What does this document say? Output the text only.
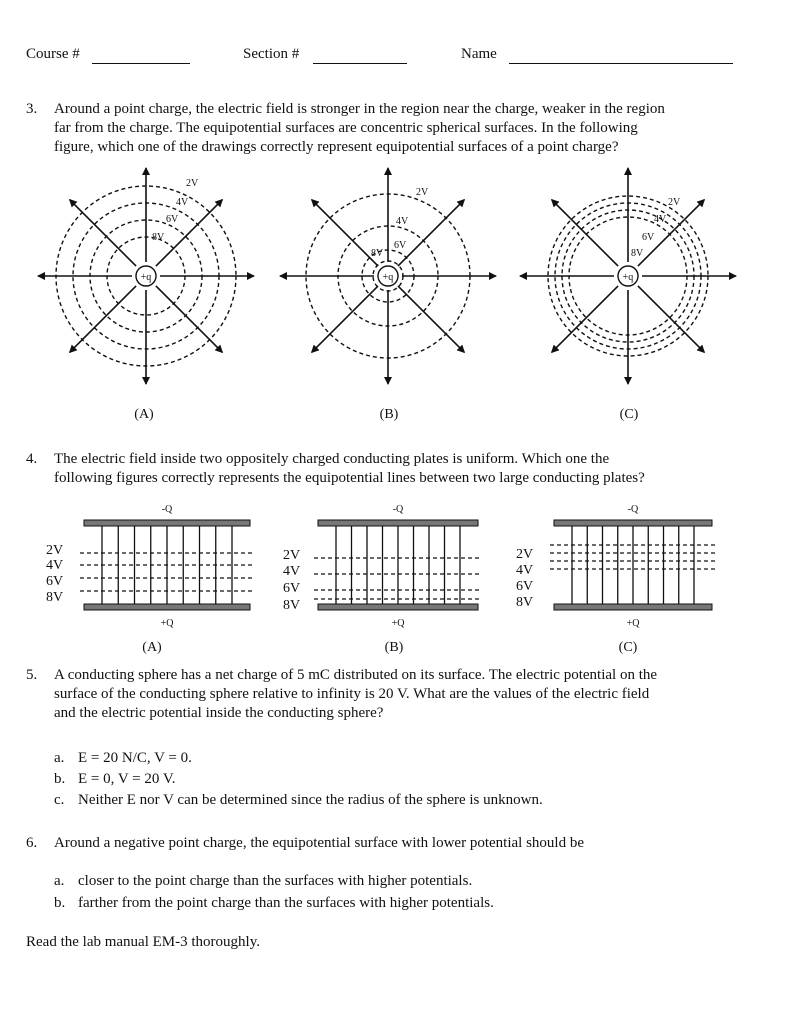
Course #	Section #	Name
3. Around a point charge, the electric field is stronger in the region near the charge, weaker in the region
far from the charge. The equipotential surfaces are concentric spherical surfaces. In the following
figure, which one of the drawings correctly represent equipotential surfaces of a point charge?
4. The electric field inside two oppositely charged conducting plates is uniform. Which one the
following figures correctly represents the equipotential lines between two large conducting plates?
5. A conducting sphere has a net charge of 5 mC distributed on its surface. The electric potential on the
surface of the conducting sphere relative to infinity is 20 V. What are the values of the electric field
and the electric potential inside the conducting sphere?
a. E = 20 N/C, V = 0.
b. E = 0, V = 20 V.
c. Neither E nor V can be determined since the radius of the sphere is unknown.
6. Around a negative point charge, the equipotential surface with lower potential should be
a. closer to the point charge than the surfaces with higher potentials.
b. farther from the point charge than the surfaces with higher potentials.
Read the lab manual EM-3 thoroughly.
+q
2V
4V
6V
8V
(A)
+q
2V
4V
6V
8V
(B)
+q
2V
4V
6V
8V
(C)
-Q
+Q
2V
4V
6V
8V
(A)
-Q
+Q
2V
4V
6V
8V
(B)
-Q
+Q
2V
4V
6V
8V
(C)
